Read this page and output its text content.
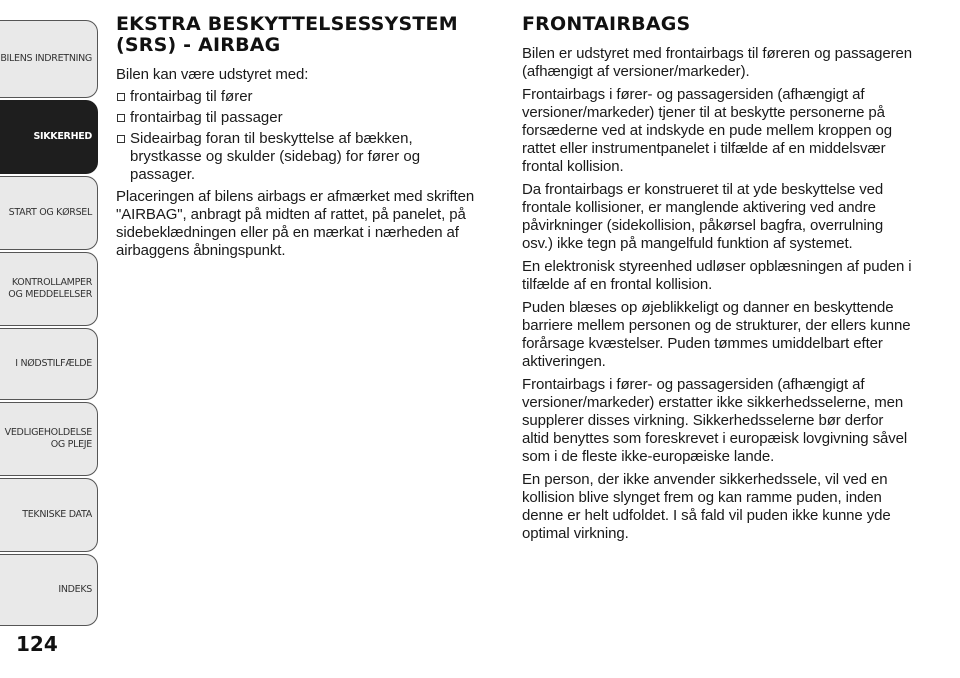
BILENS INDRETNING
SIKKERHED
START OG KØRSEL
KONTROLLAMPER
OG MEDDELELSER
I NØDSTILFÆLDE
VEDLIGEHOLDELSE
OG PLEJE
TEKNISKE DATA
INDEKS
124
EKSTRA BESKYTTELSESSYSTEM (SRS) - AIRBAG

Bilen kan være udstyret med:

frontairbag til fører
frontairbag til passager
Sideairbag foran til beskyttelse af bækken, brystkasse og skulder (sidebag) for fører og passager.

Placeringen af bilens airbags er afmærket med skriften "AIRBAG", anbragt på midten af rattet, på panelet, på sidebeklædningen eller på en mærkat i nærheden af airbaggens åbningspunkt.

FRONTAIRBAGS

Bilen er udstyret med frontairbags til føreren og passageren (afhængigt af versioner/markeder).

Frontairbags i fører- og passagersiden (afhængigt af versioner/markeder) tjener til at beskytte personerne på forsæderne ved at indskyde en pude mellem kroppen og rattet eller instrumentpanelet i tilfælde af en middelsvær frontal kollision.

Da frontairbags er konstrueret til at yde beskyttelse ved frontale kollisioner, er manglende aktivering ved andre påvirkninger (sidekollision, påkørsel bagfra, overrulning osv.) ikke tegn på mangelfuld funktion af systemet.

En elektronisk styreenhed udløser opblæsningen af puden i tilfælde af en frontal kollision.

Puden blæses op øjeblikkeligt og danner en beskyttende barriere mellem personen og de strukturer, der ellers kunne forårsage kvæstelser. Puden tømmes umiddelbart efter aktiveringen.

Frontairbags i fører- og passagersiden (afhængigt af versioner/markeder) erstatter ikke sikkerhedsselerne, men supplerer disses virkning. Sikkerhedsselerne bør derfor altid benyttes som foreskrevet i europæisk lovgivning såvel som i de fleste ikke-europæiske lande.

En person, der ikke anvender sikkerhedssele, vil ved en kollision blive slynget frem og kan ramme puden, inden denne er helt udfoldet. I så fald vil puden ikke kunne yde optimal virkning.
